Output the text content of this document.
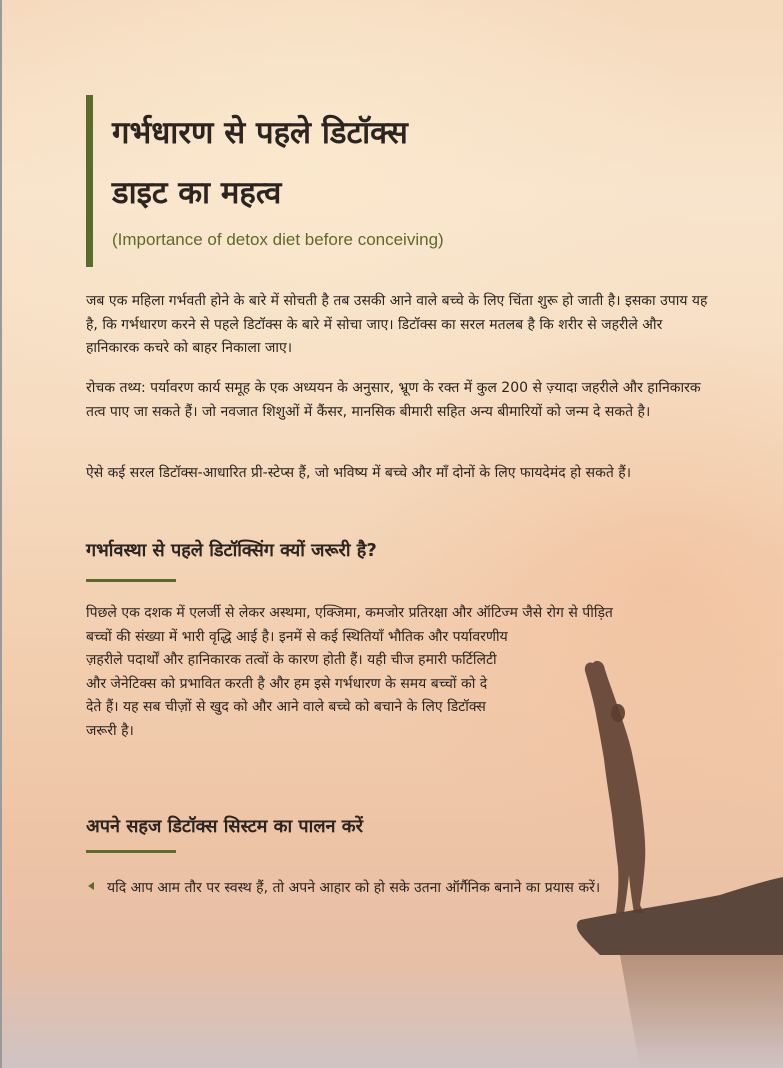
गर्भधारण से पहले डिटॉक्स
डाइट का महत्व
(Importance of detox diet before conceiving)

जब एक महिला गर्भवती होने के बारे में सोचती है तब उसकी आने वाले बच्चे के लिए चिंता शुरू हो जाती है। इसका उपाय यह है, कि गर्भधारण करने से पहले डिटॉक्स के बारे में सोचा जाए। डिटॉक्स का सरल मतलब है कि शरीर से जहरीले और हानिकारक कचरे को बाहर निकाला जाए।

रोचक तथ्य: पर्यावरण कार्य समूह के एक अध्ययन के अनुसार, भ्रूण के रक्त में कुल 200 से ज़्यादा जहरीले और हानिकारक तत्व पाए जा सकते हैं। जो नवजात शिशुओं में कैंसर, मानसिक बीमारी सहित अन्य बीमारियों को जन्म दे सकते है।

ऐसे कई सरल डिटॉक्स-आधारित प्री-स्टेप्स हैं, जो भविष्य में बच्चे और माँ दोनों के लिए फायदेमंद हो सकते हैं।

गर्भावस्था से पहले डिटॉक्सिंग क्यों जरूरी है?
पिछले एक दशक में एलर्जी से लेकर अस्थमा, एक्जिमा, कमजोर प्रतिरक्षा और ऑटिज्म जैसे रोग से पीड़ित
बच्चों की संख्या में भारी वृद्धि आई है। इनमें से कई स्थितियाँ भौतिक और पर्यावरणीय
ज़हरीले पदार्थों और हानिकारक तत्वों के कारण होती हैं। यही चीज हमारी फर्टिलिटी
और जेनेटिक्स को प्रभावित करती है और हम इसे गर्भधारण के समय बच्चों को दे
देते हैं। यह सब चीज़ों से खुद को और आने वाले बच्चे को बचाने के लिए डिटॉक्स
जरूरी है।
अपने सहज डिटॉक्स सिस्टम का पालन करें

यदि आप आम तौर पर स्वस्थ हैं, तो अपने आहार को हो सके उतना ऑर्गैनिक बनाने का प्रयास करें।
